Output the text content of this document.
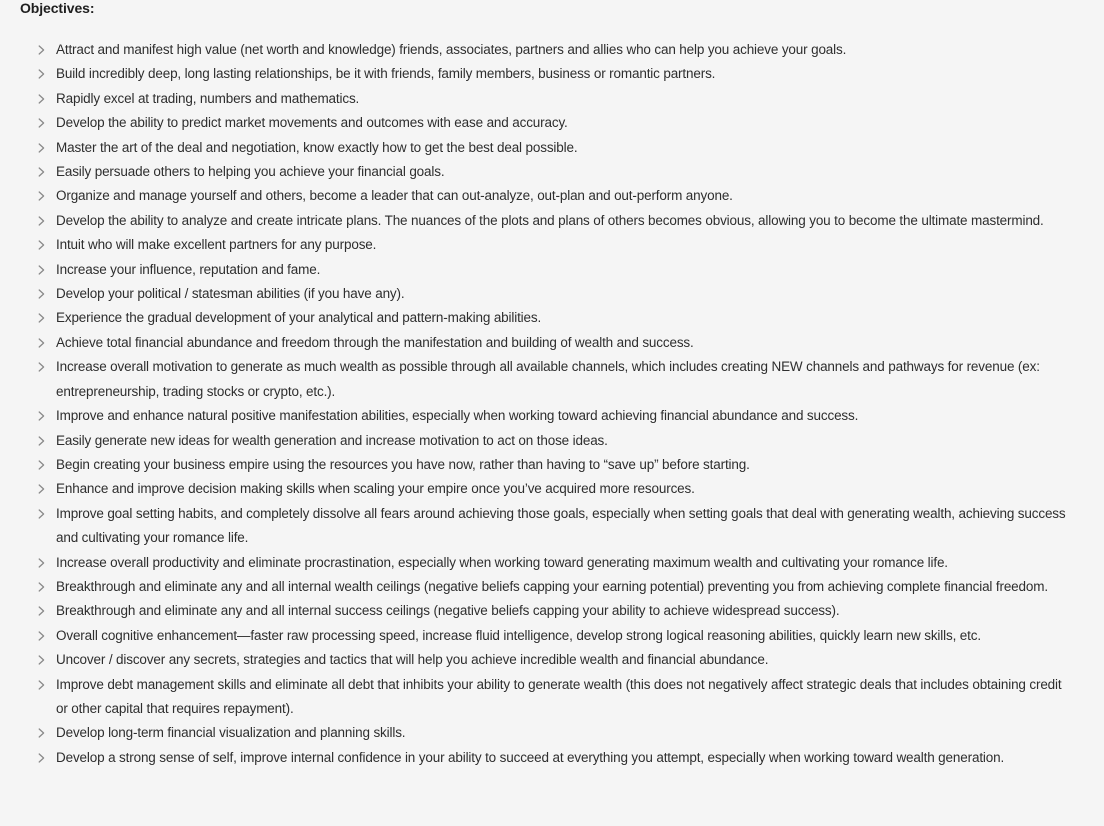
Objectives:
Attract and manifest high value (net worth and knowledge) friends, associates, partners and allies who can help you achieve your goals.
Build incredibly deep, long lasting relationships, be it with friends, family members, business or romantic partners.
Rapidly excel at trading, numbers and mathematics.
Develop the ability to predict market movements and outcomes with ease and accuracy.
Master the art of the deal and negotiation, know exactly how to get the best deal possible.
Easily persuade others to helping you achieve your financial goals.
Organize and manage yourself and others, become a leader that can out-analyze, out-plan and out-perform anyone.
Develop the ability to analyze and create intricate plans. The nuances of the plots and plans of others becomes obvious, allowing you to become the ultimate mastermind.
Intuit who will make excellent partners for any purpose.
Increase your influence, reputation and fame.
Develop your political / statesman abilities (if you have any).
Experience the gradual development of your analytical and pattern-making abilities.
Achieve total financial abundance and freedom through the manifestation and building of wealth and success.
Increase overall motivation to generate as much wealth as possible through all available channels, which includes creating NEW channels and pathways for revenue (ex: entrepreneurship, trading stocks or crypto, etc.).
Improve and enhance natural positive manifestation abilities, especially when working toward achieving financial abundance and success.
Easily generate new ideas for wealth generation and increase motivation to act on those ideas.
Begin creating your business empire using the resources you have now, rather than having to “save up” before starting.
Enhance and improve decision making skills when scaling your empire once you’ve acquired more resources.
Improve goal setting habits, and completely dissolve all fears around achieving those goals, especially when setting goals that deal with generating wealth, achieving success and cultivating your romance life.
Increase overall productivity and eliminate procrastination, especially when working toward generating maximum wealth and cultivating your romance life.
Breakthrough and eliminate any and all internal wealth ceilings (negative beliefs capping your earning potential) preventing you from achieving complete financial freedom.
Breakthrough and eliminate any and all internal success ceilings (negative beliefs capping your ability to achieve widespread success).
Overall cognitive enhancement—faster raw processing speed, increase fluid intelligence, develop strong logical reasoning abilities, quickly learn new skills, etc.
Uncover / discover any secrets, strategies and tactics that will help you achieve incredible wealth and financial abundance.
Improve debt management skills and eliminate all debt that inhibits your ability to generate wealth (this does not negatively affect strategic deals that includes obtaining credit or other capital that requires repayment).
Develop long-term financial visualization and planning skills.
Develop a strong sense of self, improve internal confidence in your ability to succeed at everything you attempt, especially when working toward wealth generation.
